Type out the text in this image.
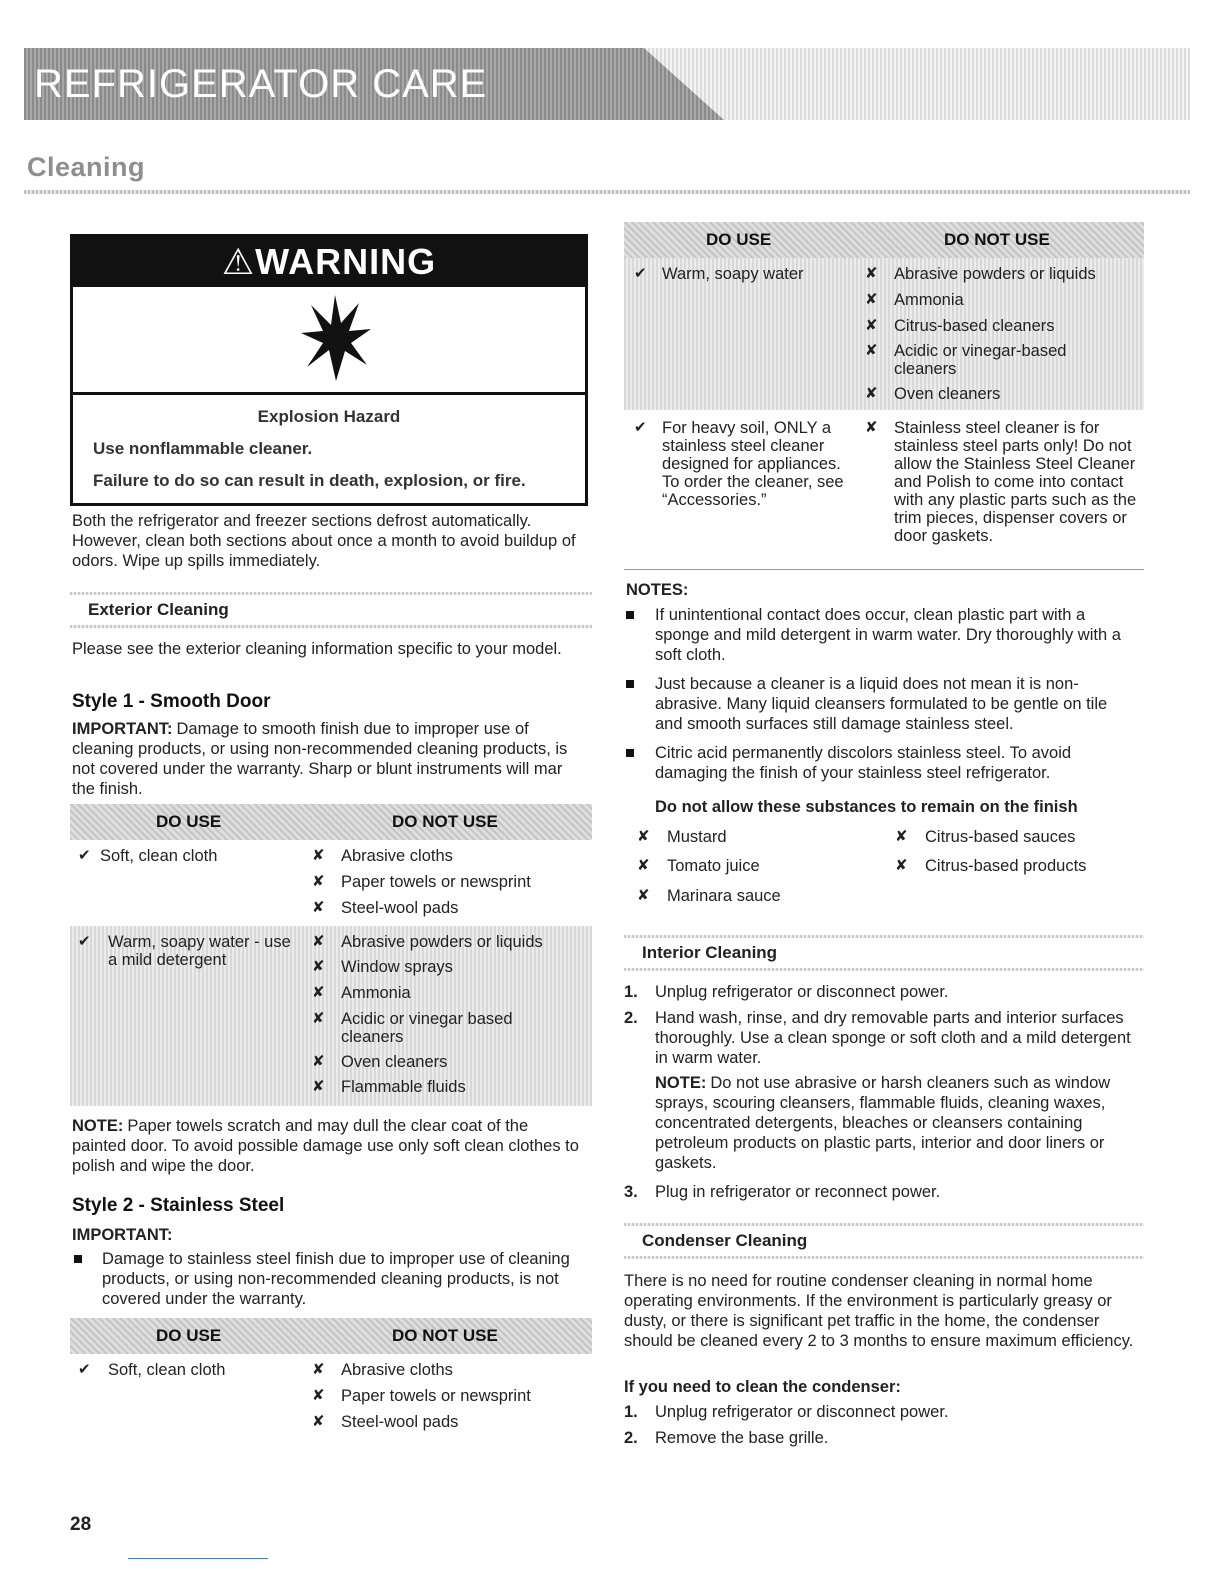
REFRIGERATOR CARE
Cleaning
⚠WARNING
Explosion Hazard
Use nonflammable cleaner.
Failure to do so can result in death, explosion, or fire.
Both the refrigerator and freezer sections defrost automatically. However, clean both sections about once a month to avoid buildup of odors. Wipe up spills immediately.
Exterior Cleaning
Please see the exterior cleaning information specific to your model.
Style 1 - Smooth Door
IMPORTANT: Damage to smooth finish due to improper use of cleaning products, or using non-recommended cleaning products, is not covered under the warranty. Sharp or blunt instruments will mar the finish.
DO USE	DO NOT USE
✔ Soft, clean cloth	✘ Abrasive cloths
✘ Paper towels or newsprint
✘ Steel-wool pads
✔ Warm, soapy water - use a mild detergent
✘ Abrasive powders or liquids
✘ Window sprays
✘ Ammonia
✘ Acidic or vinegar based cleaners
✘ Oven cleaners
✘ Flammable fluids
NOTE: Paper towels scratch and may dull the clear coat of the painted door. To avoid possible damage use only soft clean clothes to polish and wipe the door.
Style 2 - Stainless Steel
IMPORTANT:
Damage to stainless steel finish due to improper use of cleaning products, or using non-recommended cleaning products, is not covered under the warranty.
DO USE	DO NOT USE
✔ Soft, clean cloth	✘ Abrasive cloths
✘ Paper towels or newsprint
✘ Steel-wool pads
DO USE	DO NOT USE
✔ Warm, soapy water	✘ Abrasive powders or liquids
✘ Ammonia
✘ Citrus-based cleaners
✘ Acidic or vinegar-based cleaners
✘ Oven cleaners
✔ For heavy soil, ONLY a stainless steel cleaner designed for appliances. To order the cleaner, see “Accessories.”
✘ Stainless steel cleaner is for stainless steel parts only! Do not allow the Stainless Steel Cleaner and Polish to come into contact with any plastic parts such as the trim pieces, dispenser covers or door gaskets.
NOTES:
If unintentional contact does occur, clean plastic part with a sponge and mild detergent in warm water. Dry thoroughly with a soft cloth.
Just because a cleaner is a liquid does not mean it is non-abrasive. Many liquid cleansers formulated to be gentle on tile and smooth surfaces still damage stainless steel.
Citric acid permanently discolors stainless steel. To avoid damaging the finish of your stainless steel refrigerator.
Do not allow these substances to remain on the finish
✘ Mustard
✘ Tomato juice
✘ Marinara sauce
✘ Citrus-based sauces
✘ Citrus-based products
Interior Cleaning
1. Unplug refrigerator or disconnect power.
2. Hand wash, rinse, and dry removable parts and interior surfaces thoroughly. Use a clean sponge or soft cloth and a mild detergent in warm water.
NOTE: Do not use abrasive or harsh cleaners such as window sprays, scouring cleansers, flammable fluids, cleaning waxes, concentrated detergents, bleaches or cleansers containing petroleum products on plastic parts, interior and door liners or gaskets.
3. Plug in refrigerator or reconnect power.
Condenser Cleaning
There is no need for routine condenser cleaning in normal home operating environments. If the environment is particularly greasy or dusty, or there is significant pet traffic in the home, the condenser should be cleaned every 2 to 3 months to ensure maximum efficiency.
If you need to clean the condenser:
1. Unplug refrigerator or disconnect power.
2. Remove the base grille.
28
